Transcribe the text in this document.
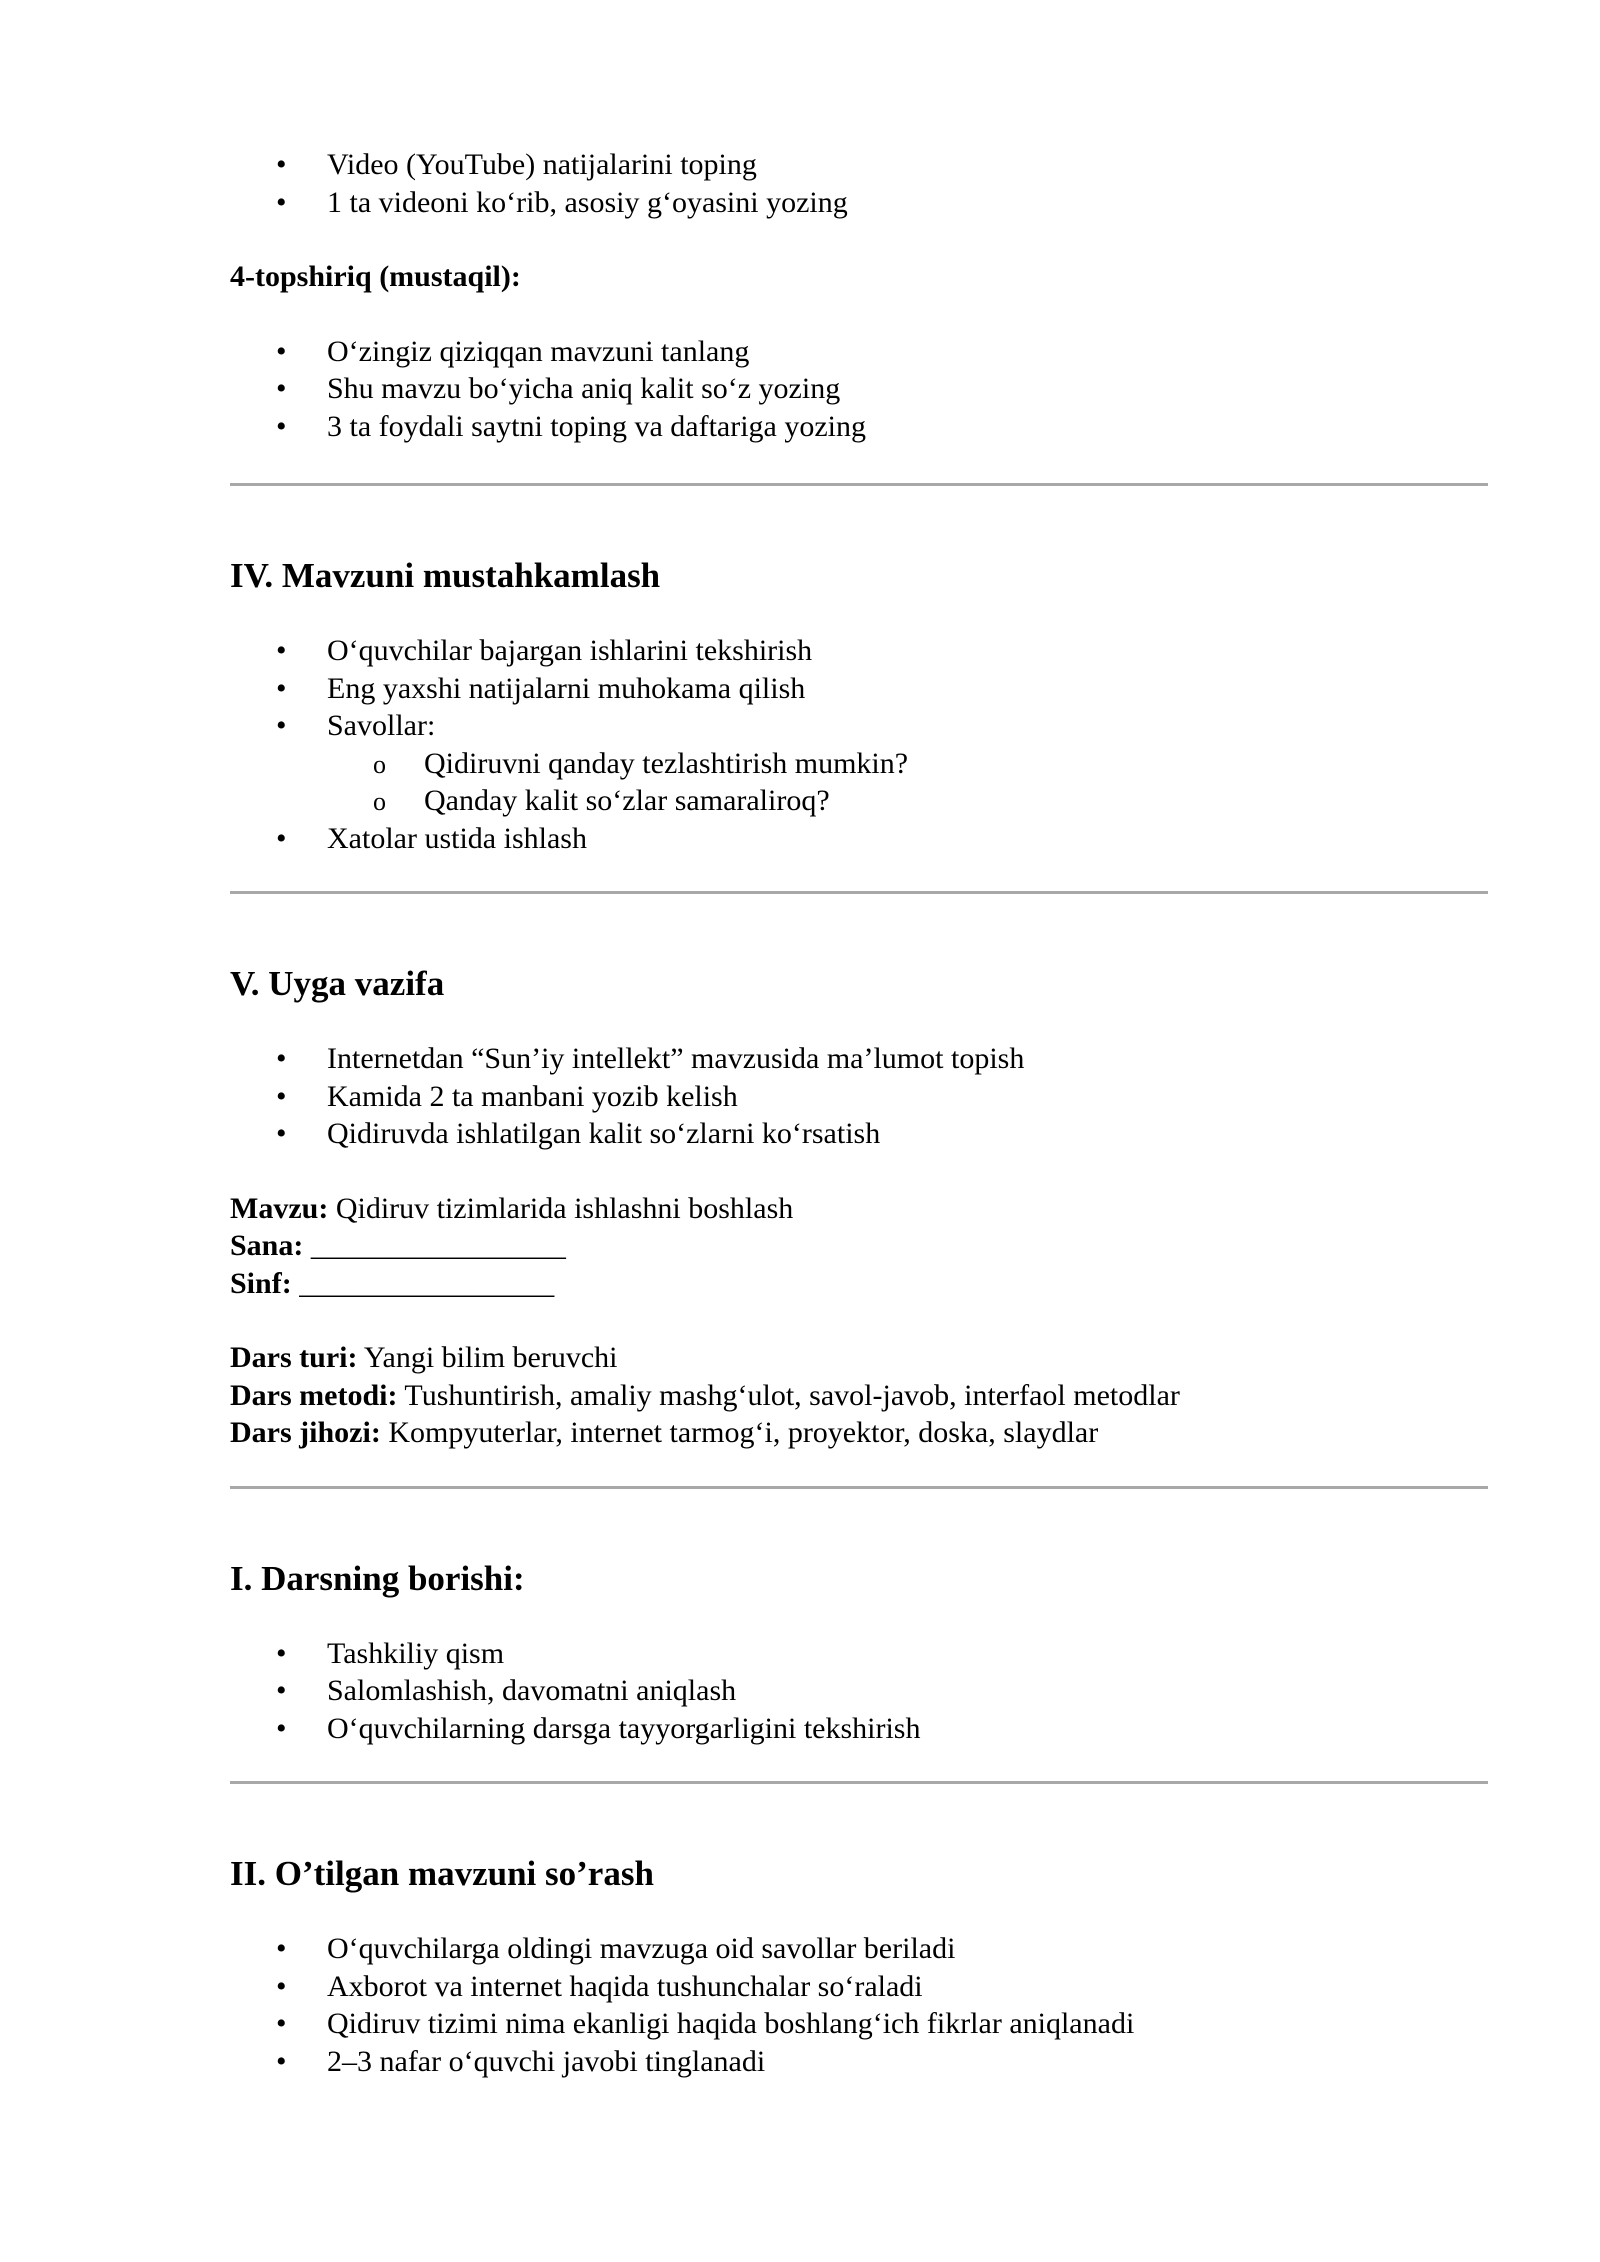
• Video (YouTube) natijalarini toping
• 1 ta videoni ko‘rib, asosiy g‘oyasini yozing
4-topshiriq (mustaqil):
• O‘zingiz qiziqqan mavzuni tanlang
• Shu mavzu bo‘yicha aniq kalit so‘z yozing
• 3 ta foydali saytni toping va daftariga yozing
IV. Mavzuni mustahkamlash
• O‘quvchilar bajargan ishlarini tekshirish
• Eng yaxshi natijalarni muhokama qilish
• Savollar:
o Qidiruvni qanday tezlashtirish mumkin?
o Qanday kalit so‘zlar samaraliroq?
• Xatolar ustida ishlash
V. Uyga vazifa
• Internetdan “Sun’iy intellekt” mavzusida ma’lumot topish
• Kamida 2 ta manbani yozib kelish
• Qidiruvda ishlatilgan kalit so‘zlarni ko‘rsatish
Mavzu: Qidiruv tizimlarida ishlashni boshlash
Sana: _________________
Sinf: _________________
Dars turi: Yangi bilim beruvchi
Dars metodi: Tushuntirish, amaliy mashg‘ulot, savol-javob, interfaol metodlar
Dars jihozi: Kompyuterlar, internet tarmog‘i, proyektor, doska, slaydlar
I. Darsning borishi:
• Tashkiliy qism
• Salomlashish, davomatni aniqlash
• O‘quvchilarning darsga tayyorgarligini tekshirish
II. O’tilgan mavzuni so’rash
• O‘quvchilarga oldingi mavzuga oid savollar beriladi
• Axborot va internet haqida tushunchalar so‘raladi
• Qidiruv tizimi nima ekanligi haqida boshlang‘ich fikrlar aniqlanadi
• 2–3 nafar o‘quvchi javobi tinglanadi
